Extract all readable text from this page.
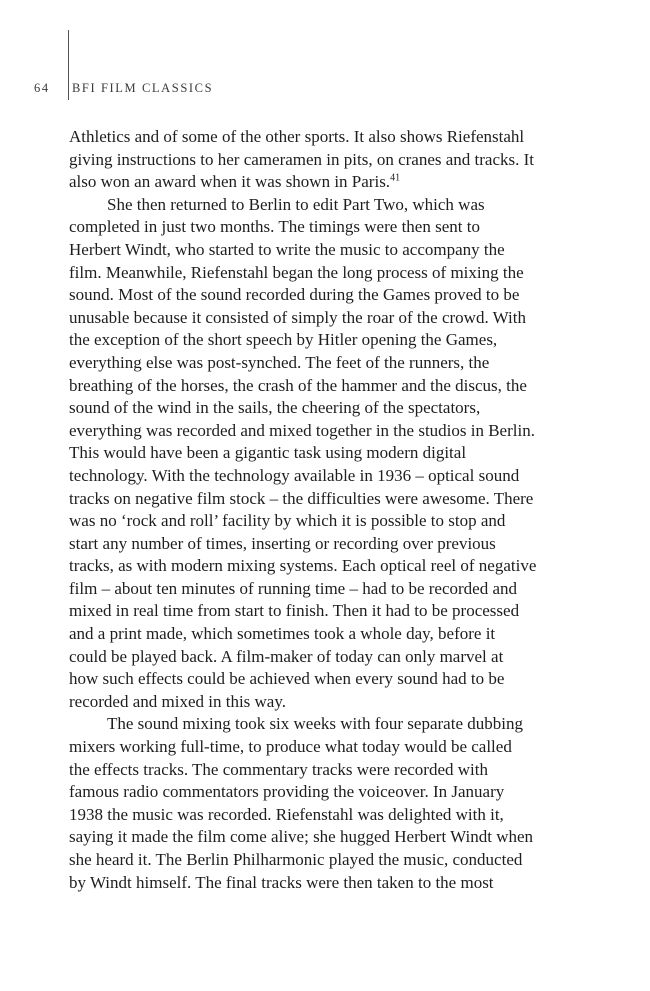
64	BFI FILM CLASSICS
Athletics and of some of the other sports. It also shows Riefenstahl
giving instructions to her cameramen in pits, on cranes and tracks. It
also won an award when it was shown in Paris.$^{41}$
She then returned to Berlin to edit Part Two, which was
completed in just two months. The timings were then sent to
Herbert Windt, who started to write the music to accompany the
film. Meanwhile, Riefenstahl began the long process of mixing the
sound. Most of the sound recorded during the Games proved to be
unusable because it consisted of simply the roar of the crowd. With
the exception of the short speech by Hitler opening the Games,
everything else was post-synched. The feet of the runners, the
breathing of the horses, the crash of the hammer and the discus, the
sound of the wind in the sails, the cheering of the spectators,
everything was recorded and mixed together in the studios in Berlin.
This would have been a gigantic task using modern digital
technology. With the technology available in 1936 – optical sound
tracks on negative film stock – the difficulties were awesome. There
was no ‘rock and roll’ facility by which it is possible to stop and
start any number of times, inserting or recording over previous
tracks, as with modern mixing systems. Each optical reel of negative
film – about ten minutes of running time – had to be recorded and
mixed in real time from start to finish. Then it had to be processed
and a print made, which sometimes took a whole day, before it
could be played back. A film-maker of today can only marvel at
how such effects could be achieved when every sound had to be
recorded and mixed in this way.
The sound mixing took six weeks with four separate dubbing
mixers working full-time, to produce what today would be called
the effects tracks. The commentary tracks were recorded with
famous radio commentators providing the voiceover. In January
1938 the music was recorded. Riefenstahl was delighted with it,
saying it made the film come alive; she hugged Herbert Windt when
she heard it. The Berlin Philharmonic played the music, conducted
by Windt himself. The final tracks were then taken to the most
